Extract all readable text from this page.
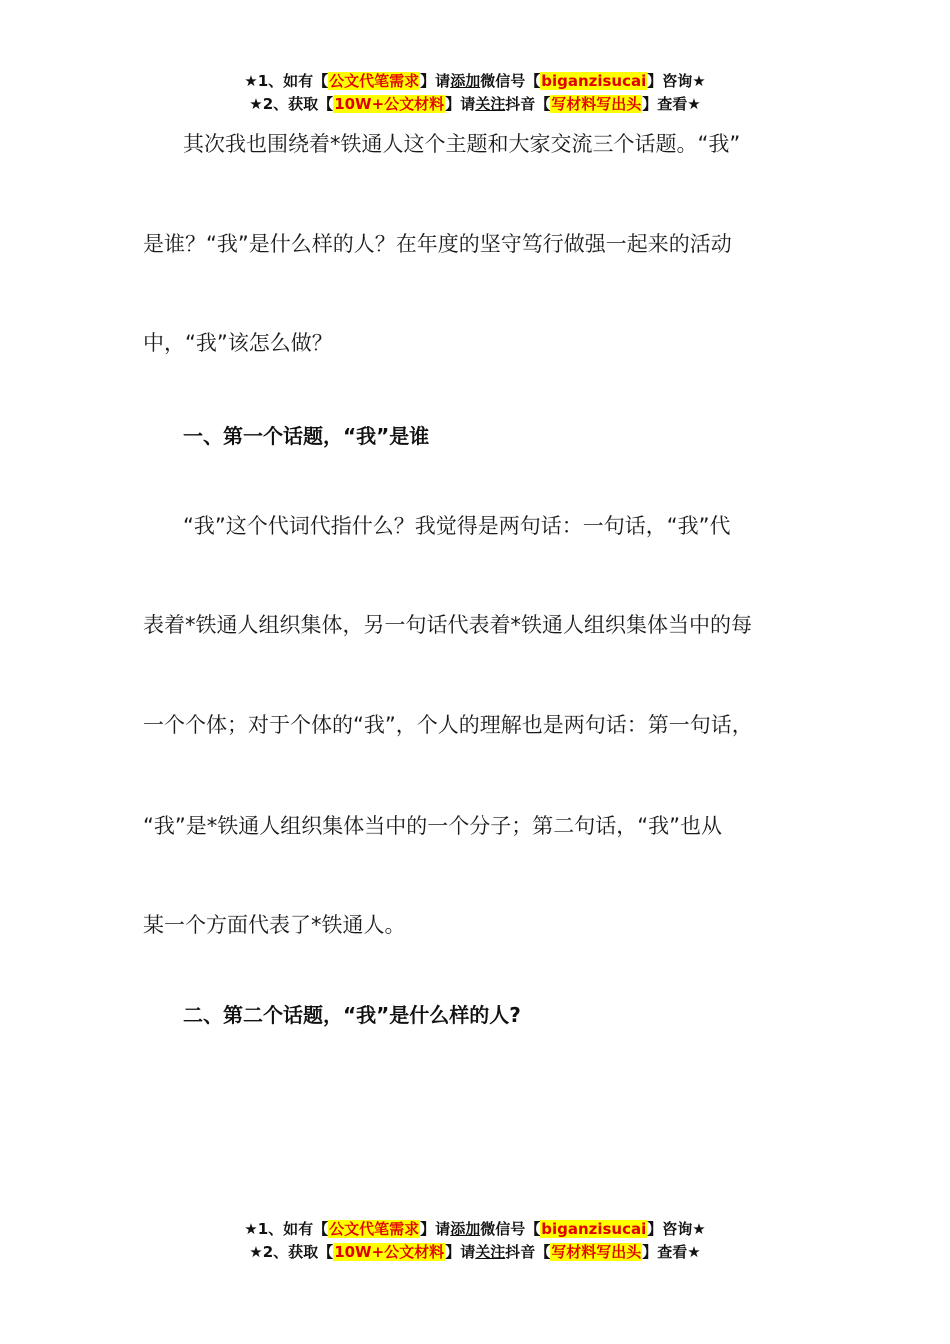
★1、如有【公文代笔需求】请添加微信号【biganzisucai】咨询★
★2、获取【10W+公文材料】请关注抖音【写材料写出头】查看★
其次我也围绕着*铁通人这个主题和大家交流三个话题。“我”
是谁？“我”是什么样的人？在年度的坚守笃行做强一起来的活动
中，“我”该怎么做？
一、第一个话题，“我”是谁
“我”这个代词代指什么？我觉得是两句话：一句话，“我”代
表着*铁通人组织集体，另一句话代表着*铁通人组织集体当中的每
一个个体；对于个体的“我”，个人的理解也是两句话：第一句话，
“我”是*铁通人组织集体当中的一个分子；第二句话，“我”也从
某一个方面代表了*铁通人。
二、第二个话题，“我”是什么样的人?
★1、如有【公文代笔需求】请添加微信号【biganzisucai】咨询★
★2、获取【10W+公文材料】请关注抖音【写材料写出头】查看★
